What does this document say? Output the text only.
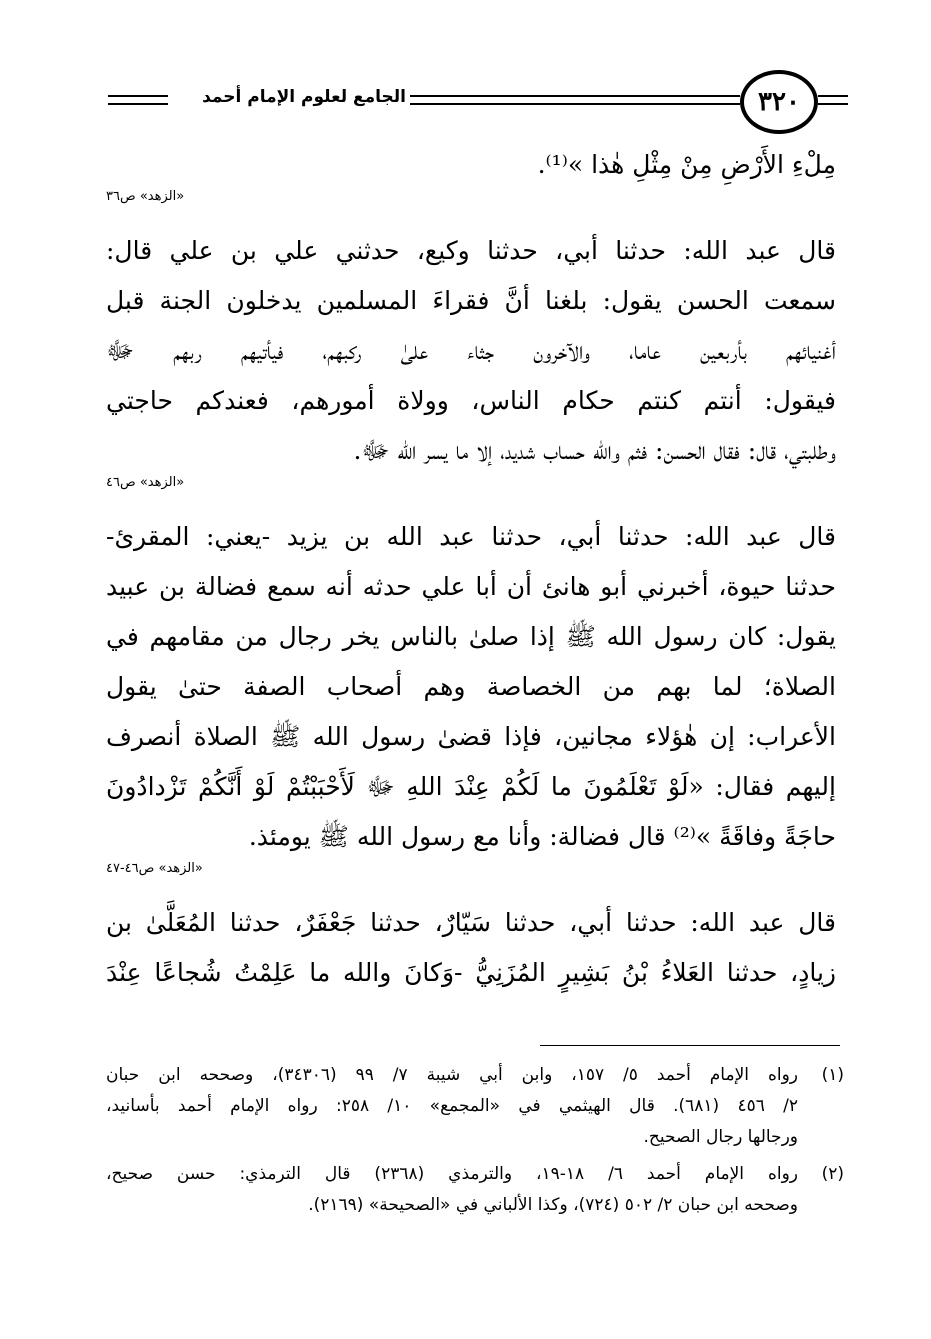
٣٢٠
الجامع لعلوم الإمام أحمد
مِلْءِ الأَرْضِ مِنْ مِثْلِ هٰذا »⁽¹⁾.
«الزهد» ص٣٦
قال عبد الله: حدثنا أبي، حدثنا وكيع، حدثني علي بن علي قال:
سمعت الحسن يقول: بلغنا أنَّ فقراءَ المسلمين يدخلون الجنة قبل
أغنيائهم بأربعين عاما، والآخرون جثاء علىٰ ركبهم، فيأتيهم ربهم ﷻ
فيقول: أنتم كنتم حكام الناس، وولاة أمورهم، فعندكم حاجتي
وطلبتي، قال: فقال الحسن: فثم والله حساب شديد، إلا ما يسر الله ﷻ.
«الزهد» ص٤٦
قال عبد الله: حدثنا أبي، حدثنا عبد الله بن يزيد -يعني: المقرئ-
حدثنا حيوة، أخبرني أبو هانئ أن أبا علي حدثه أنه سمع فضالة بن عبيد
يقول: كان رسول الله ﷺ إذا صلىٰ بالناس يخر رجال من مقامهم في
الصلاة؛ لما بهم من الخصاصة وهم أصحاب الصفة حتىٰ يقول
الأعراب: إن هٰؤلاء مجانين، فإذا قضىٰ رسول الله ﷺ الصلاة أنصرف
إليهم فقال: «لَوْ تَعْلَمُونَ ما لَكُمْ عِنْدَ اللهِ ﷻ لَأَحْبَبْتُمْ لَوْ أَنَّكُمْ تَزْدادُونَ
حاجَةً وفاقَةً »⁽²⁾ قال فضالة: وأنا مع رسول الله ﷺ يومئذ.
«الزهد» ص٤٦-٤٧
قال عبد الله: حدثنا أبي، حدثنا سَيّارٌ، حدثنا جَعْفَرٌ، حدثنا المُعَلَّىٰ بن
زيادٍ، حدثنا العَلاءُ بْنُ بَشِيرٍ المُزَنِيُّ -وَكانَ والله ما عَلِمْتُ شُجاعًا عِنْدَ
(١)
رواه الإمام أحمد ٥/ ١٥٧، وابن أبي شيبة ٧/ ٩٩ (٣٤٣٠٦)، وصححه ابن حبان
٢/ ٤٥٦ (٦٨١). قال الهيثمي في «المجمع» ١٠/ ٢٥٨: رواه الإمام أحمد بأسانيد،
ورجالها رجال الصحيح.
(٢)
رواه الإمام أحمد ٦/ ١٨-١٩، والترمذي (٢٣٦٨) قال الترمذي: حسن صحيح،
وصححه ابن حبان ٢/ ٥٠٢ (٧٢٤)، وكذا الألباني في «الصحيحة» (٢١٦٩).
